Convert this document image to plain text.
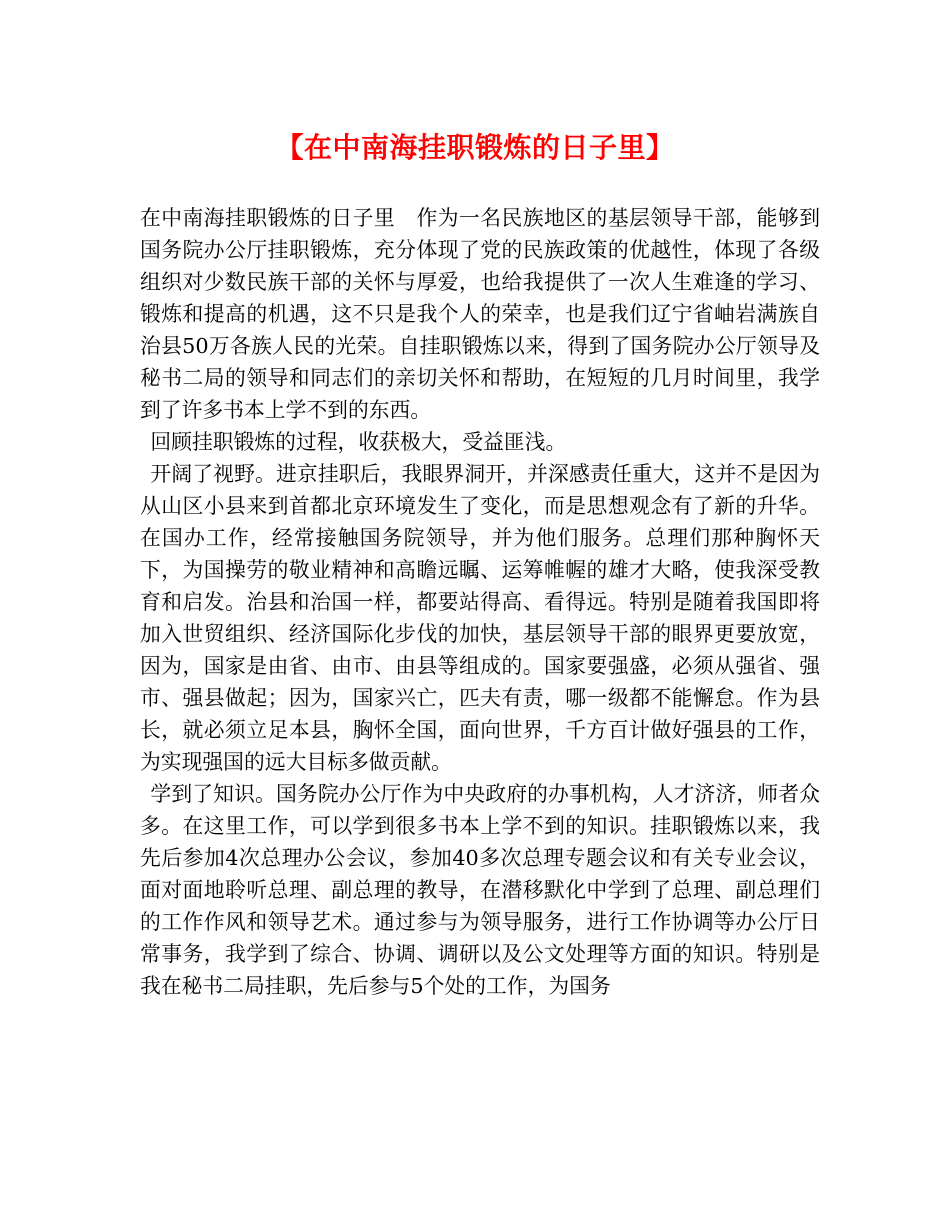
【在中南海挂职锻炼的日子里】

在中南海挂职锻炼的日子里　作为一名民族地区的基层领导干部，能够到国务院办公厅挂职锻炼，充分体现了党的民族政策的优越性，体现了各级组织对少数民族干部的关怀与厚爱，也给我提供了一次人生难逢的学习、锻炼和提高的机遇，这不只是我个人的荣幸，也是我们辽宁省岫岩满族自治县50万各族人民的光荣。自挂职锻炼以来，得到了国务院办公厅领导及秘书二局的领导和同志们的亲切关怀和帮助，在短短的几月时间里，我学到了许多书本上学不到的东西。

回顾挂职锻炼的过程，收获极大，受益匪浅。

开阔了视野。进京挂职后，我眼界洞开，并深感责任重大，这并不是因为从山区小县来到首都北京环境发生了变化，而是思想观念有了新的升华。在国办工作，经常接触国务院领导，并为他们服务。总理们那种胸怀天下，为国操劳的敬业精神和高瞻远瞩、运筹帷幄的雄才大略，使我深受教育和启发。治县和治国一样，都要站得高、看得远。特别是随着我国即将加入世贸组织、经济国际化步伐的加快，基层领导干部的眼界更要放宽，因为，国家是由省、由市、由县等组成的。国家要强盛，必须从强省、强市、强县做起；因为，国家兴亡，匹夫有责，哪一级都不能懈怠。作为县长，就必须立足本县，胸怀全国，面向世界，千方百计做好强县的工作，为实现强国的远大目标多做贡献。

学到了知识。国务院办公厅作为中央政府的办事机构，人才济济，师者众多。在这里工作，可以学到很多书本上学不到的知识。挂职锻炼以来，我先后参加4次总理办公会议，参加40多次总理专题会议和有关专业会议，面对面地聆听总理、副总理的教导，在潜移默化中学到了总理、副总理们的工作作风和领导艺术。通过参与为领导服务，进行工作协调等办公厅日常事务，我学到了综合、协调、调研以及公文处理等方面的知识。特别是我在秘书二局挂职，先后参与5个处的工作，为国务
